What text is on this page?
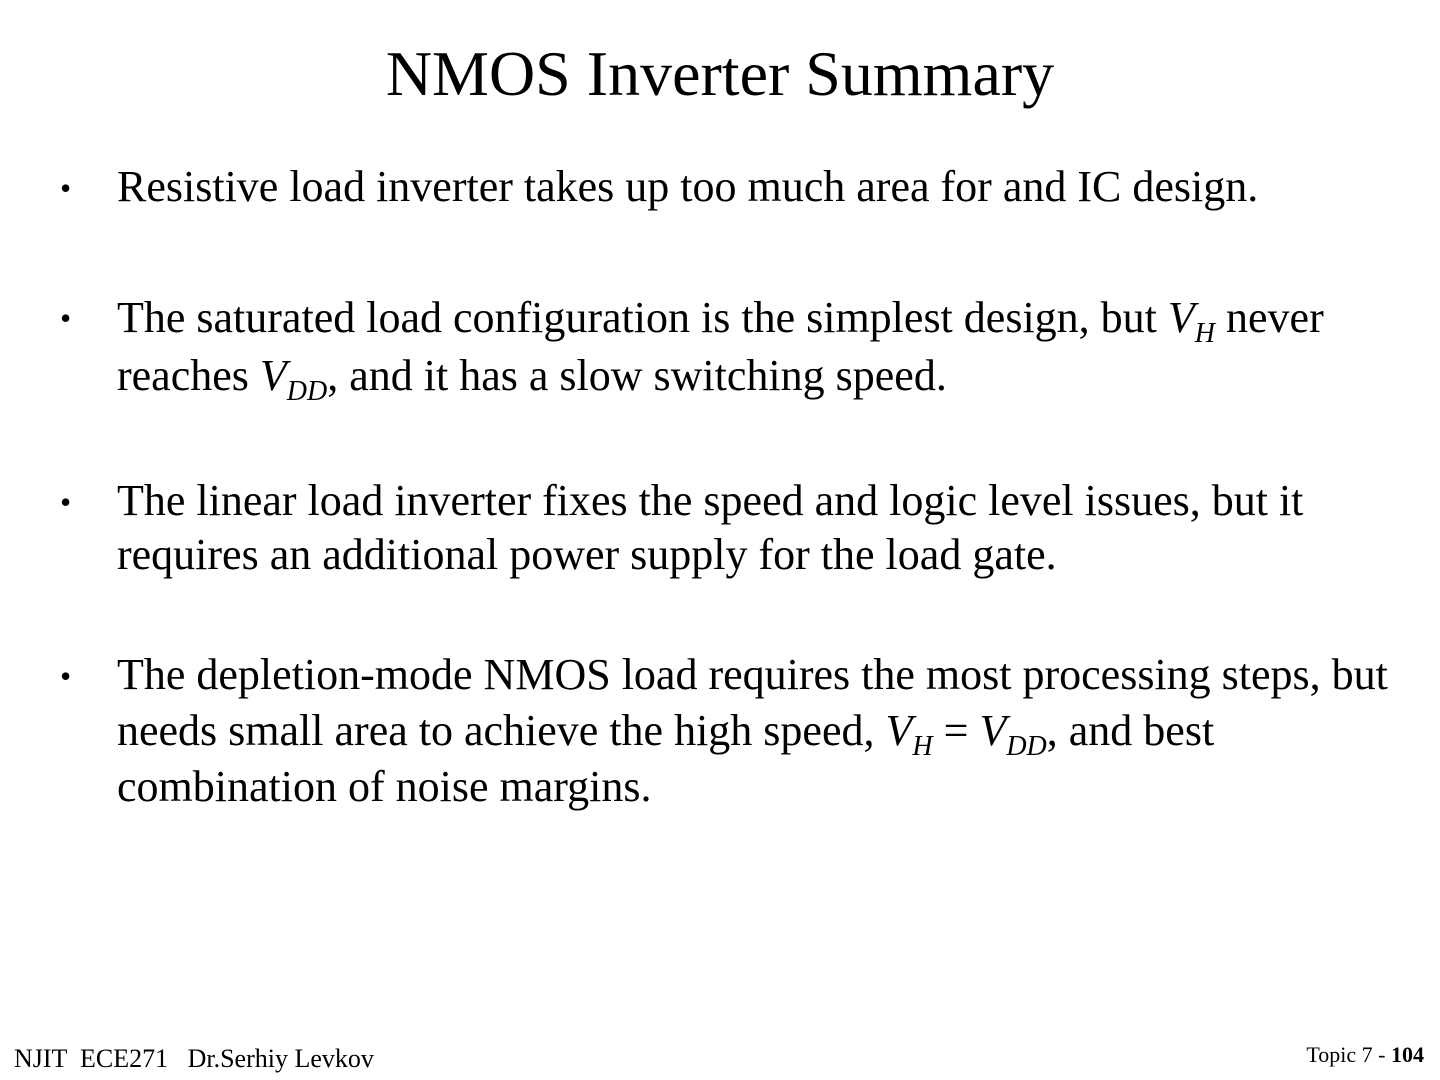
NMOS Inverter Summary
• Resistive load inverter takes up too much area for and IC design.

• The saturated load configuration is the simplest design, but $V_H$ never reaches $V_{DD}$, and it has a slow switching speed.

• The linear load inverter fixes the speed and logic level issues, but it requires an additional power supply for the load gate.

• The depletion-mode NMOS load requires the most processing steps, but needs small area to achieve the high speed, $V_H = V_{DD}$, and best combination of noise margins.

NJIT  ECE271   Dr.Serhiy Levkov	Topic 7 - 104
